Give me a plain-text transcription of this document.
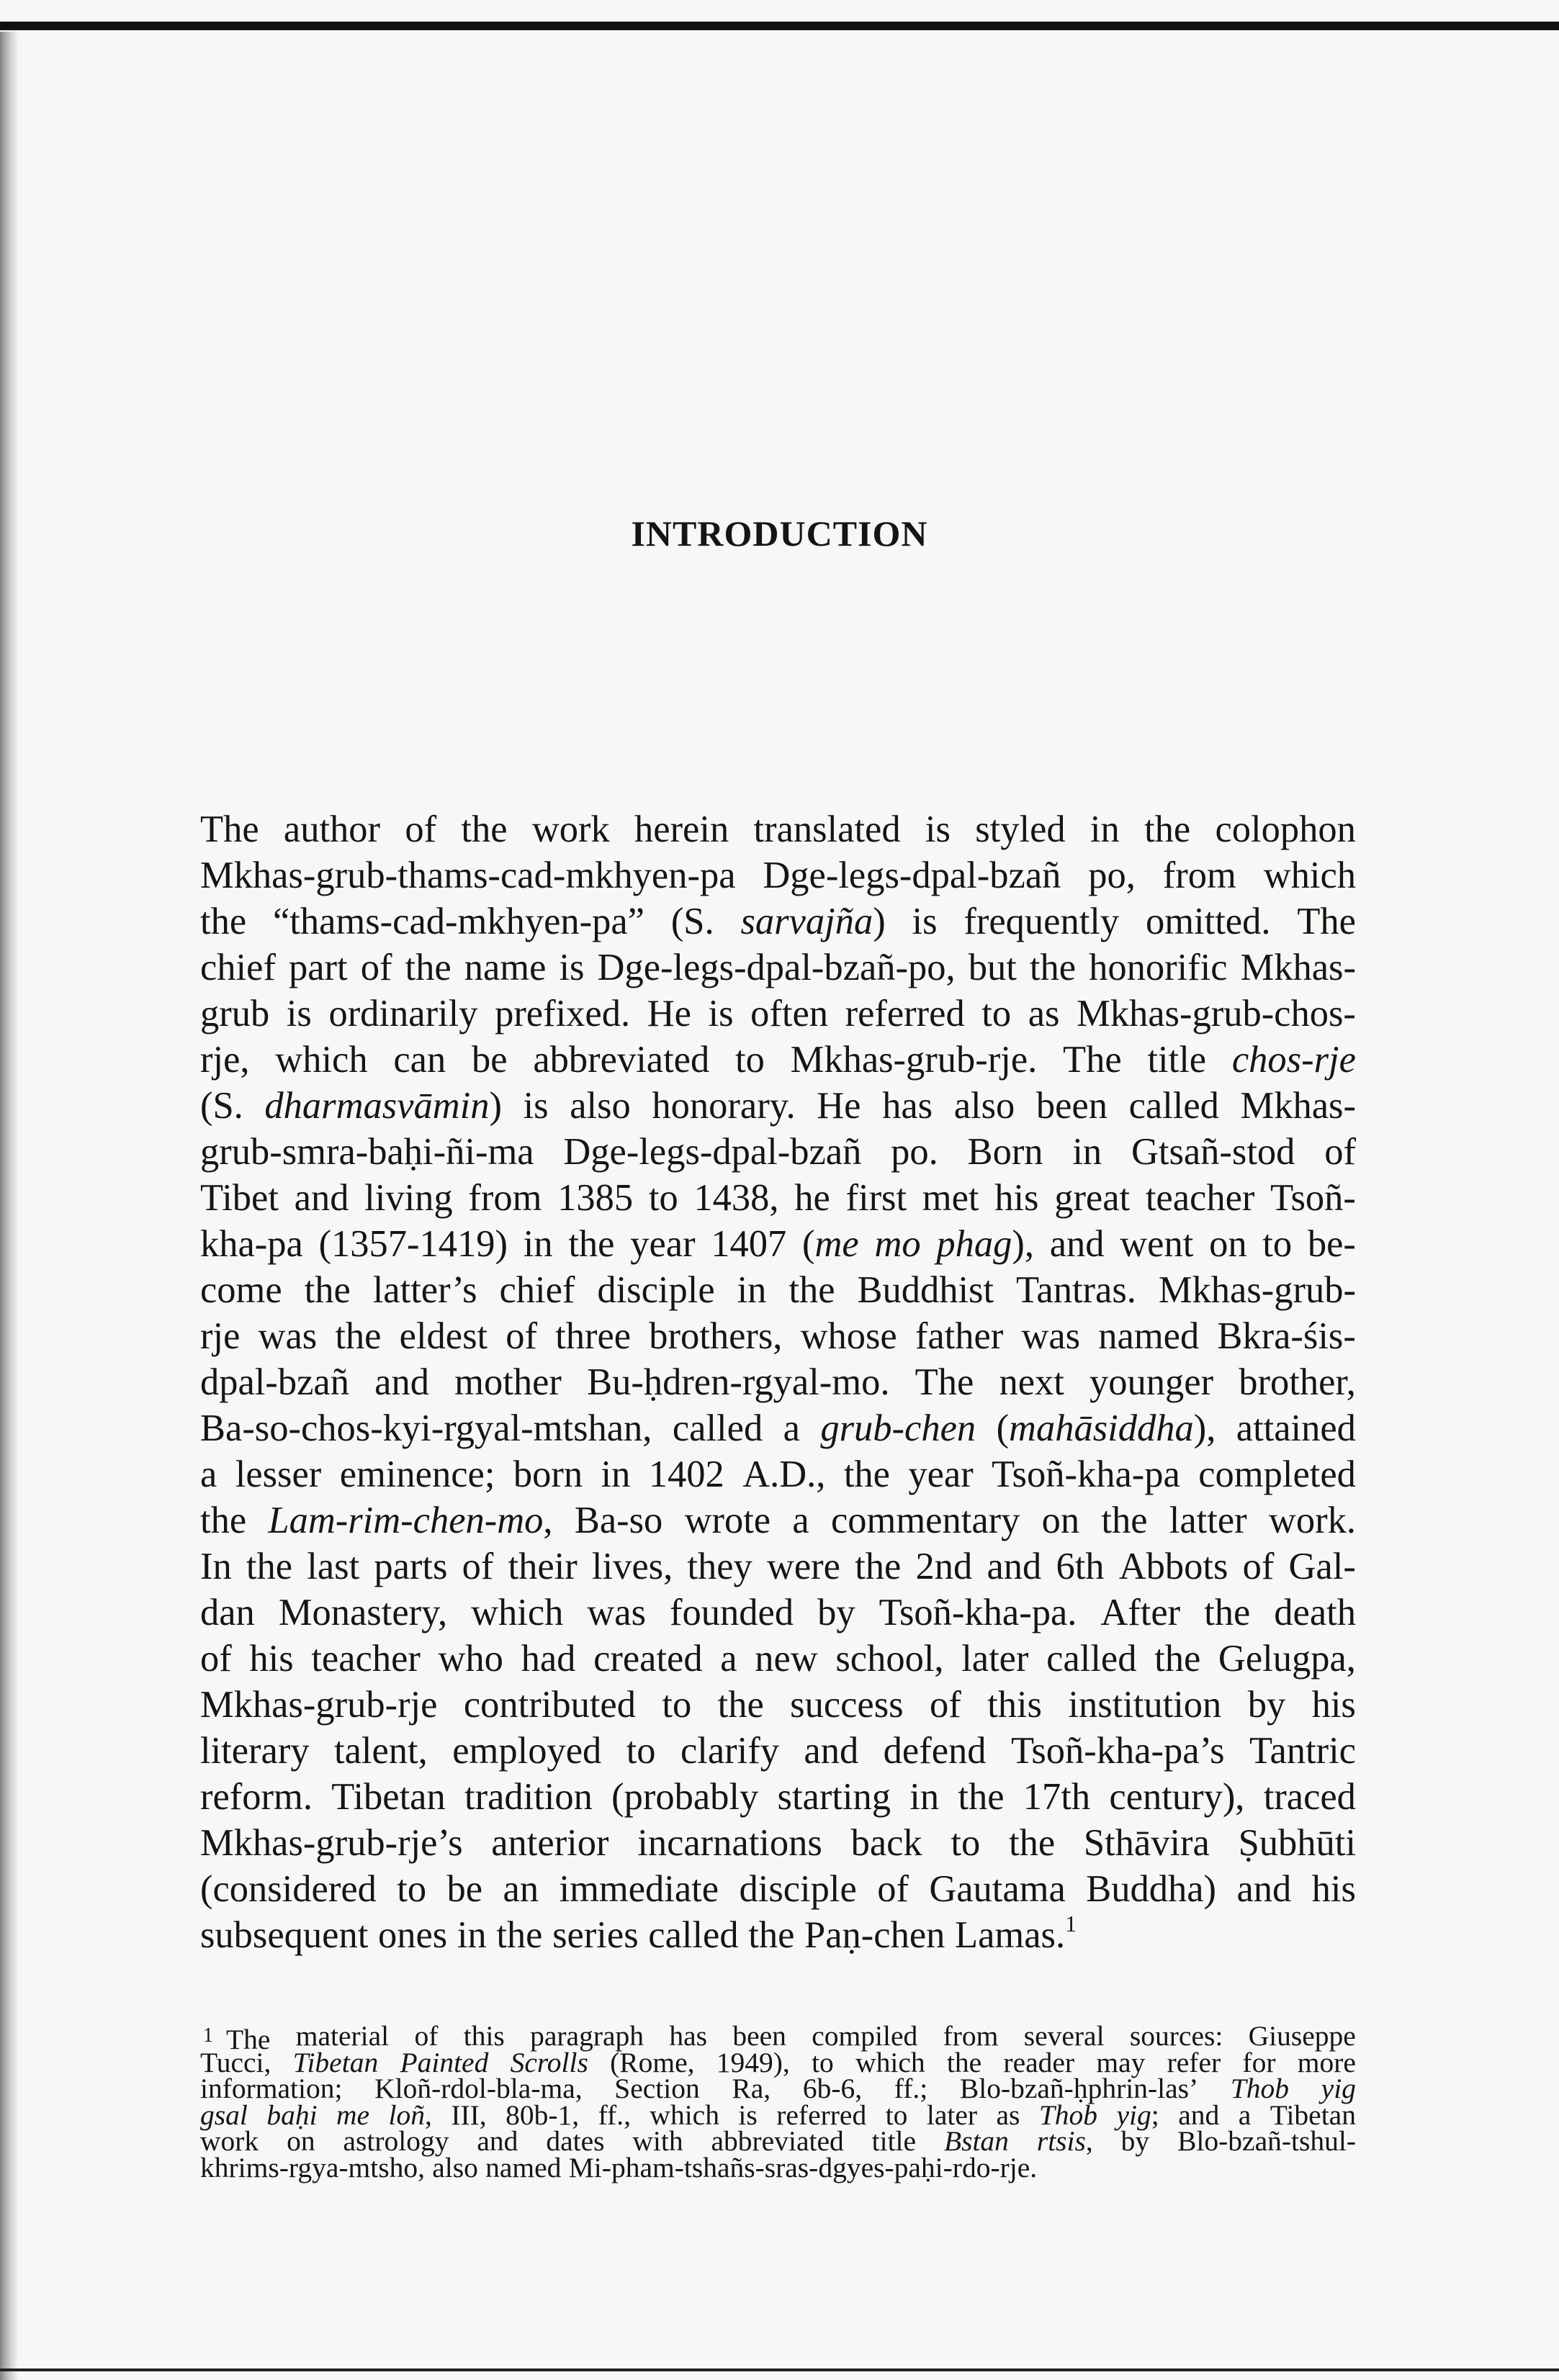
INTRODUCTION
The author of the work herein translated is styled in the colophon
Mkhas-grub-thams-cad-mkhyen-pa Dge-legs-dpal-bzañ po, from which
the “thams-cad-mkhyen-pa” (S. sarvajña) is frequently omitted. The
chief part of the name is Dge-legs-dpal-bzañ-po, but the honorific Mkhas-
grub is ordinarily prefixed. He is often referred to as Mkhas-grub-chos-
rje, which can be abbreviated to Mkhas-grub-rje. The title chos-rje
(S. dharmasvāmin) is also honorary. He has also been called Mkhas-
grub-smra-baḥi-ñi-ma Dge-legs-dpal-bzañ po. Born in Gtsañ-stod of
Tibet and living from 1385 to 1438, he first met his great teacher Tsoñ-
kha-pa (1357-1419) in the year 1407 (me mo phag), and went on to be-
come the latter’s chief disciple in the Buddhist Tantras. Mkhas-grub-
rje was the eldest of three brothers, whose father was named Bkra-śis-
dpal-bzañ and mother Bu-ḥdren-rgyal-mo. The next younger brother,
Ba-so-chos-kyi-rgyal-mtshan, called a grub-chen (mahāsiddha), attained
a lesser eminence; born in 1402 A.D., the year Tsoñ-kha-pa completed
the Lam-rim-chen-mo, Ba-so wrote a commentary on the latter work.
In the last parts of their lives, they were the 2nd and 6th Abbots of Gal-
dan Monastery, which was founded by Tsoñ-kha-pa. After the death
of his teacher who had created a new school, later called the Gelugpa,
Mkhas-grub-rje contributed to the success of this institution by his
literary talent, employed to clarify and defend Tsoñ-kha-pa’s Tantric
reform. Tibetan tradition (probably starting in the 17th century), traced
Mkhas-grub-rje’s anterior incarnations back to the Sthāvira Ṣubhūti
(considered to be an immediate disciple of Gautama Buddha) and his
subsequent ones in the series called the Paṇ-chen Lamas.$^1$
$^1$ The material of this paragraph has been compiled from several sources: Giuseppe
Tucci, Tibetan Painted Scrolls (Rome, 1949), to which the reader may refer for more
information; Kloñ-rdol-bla-ma, Section Ra, 6b-6, ff.; Blo-bzañ-ḥphrin-las’ Thob yig
gsal baḥi me loñ, III, 80b-1, ff., which is referred to later as Thob yig; and a Tibetan
work on astrology and dates with abbreviated title Bstan rtsis, by Blo-bzañ-tshul-
khrims-rgya-mtsho, also named Mi-pham-tshañs-sras-dgyes-paḥi-rdo-rje.
